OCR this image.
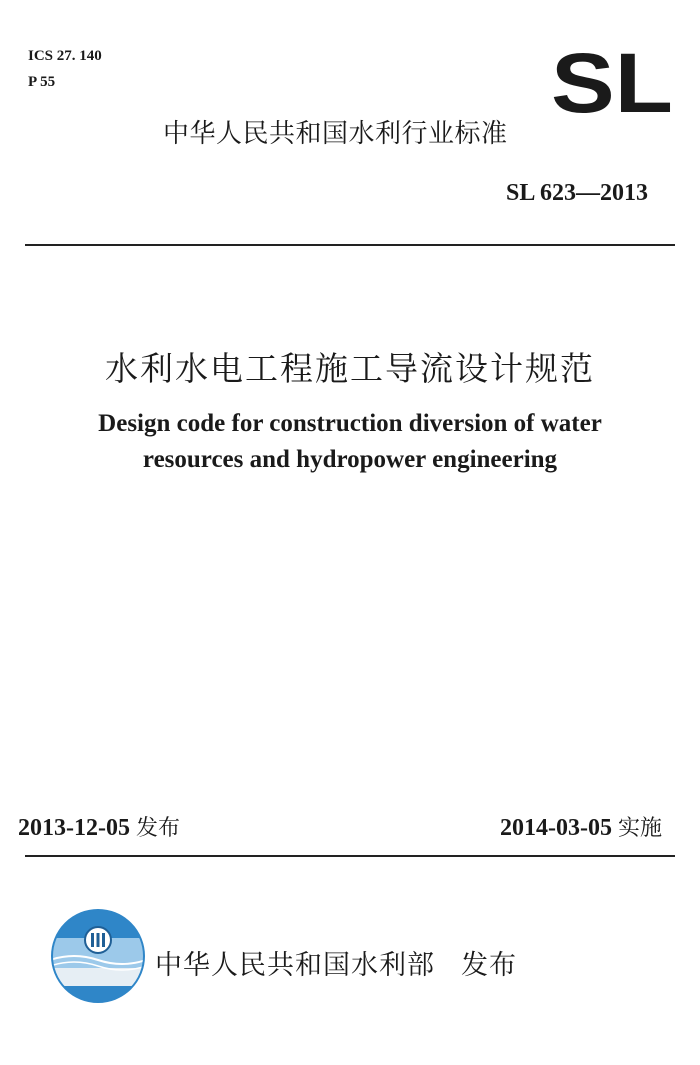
ICS 27. 140
P 55	SL
中华人民共和国水利行业标准
SL 623—2013
水利水电工程施工导流设计规范
Design code for construction diversion of water
resources and hydropower engineering
2013-12-05 发布	2014-03-05 实施
中华人民共和国水利部 发布
